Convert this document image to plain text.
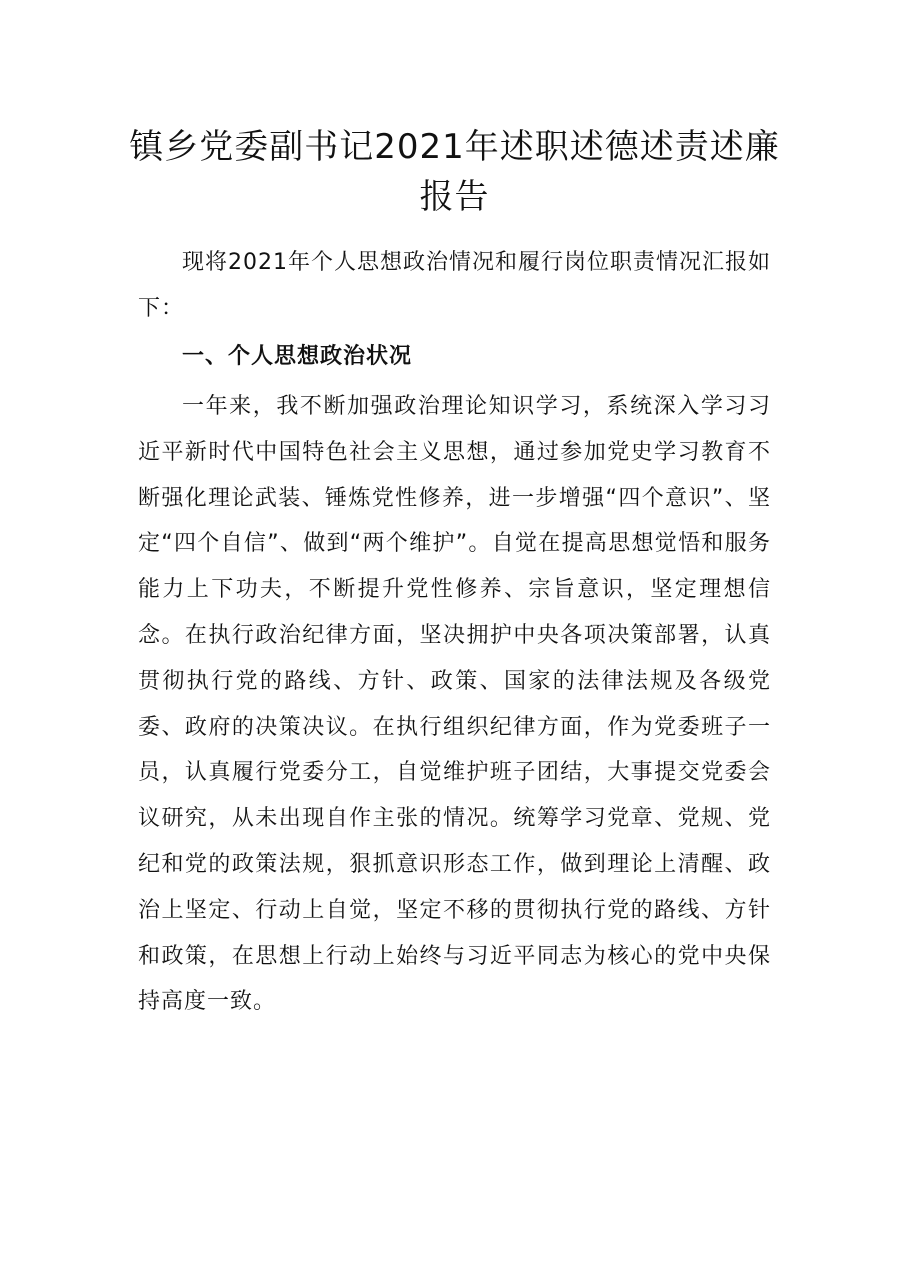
镇乡党委副书记2021年述职述德述责述廉报告

现将2021年个人思想政治情况和履行岗位职责情况汇报如下：

一、个人思想政治状况

一年来，我不断加强政治理论知识学习，系统深入学习习近平新时代中国特色社会主义思想，通过参加党史学习教育不断强化理论武装、锤炼党性修养，进一步增强“四个意识”、坚定“四个自信”、做到“两个维护”。自觉在提高思想觉悟和服务能力上下功夫，不断提升党性修养、宗旨意识，坚定理想信念。在执行政治纪律方面，坚决拥护中央各项决策部署，认真贯彻执行党的路线、方针、政策、国家的法律法规及各级党委、政府的决策决议。在执行组织纪律方面，作为党委班子一员，认真履行党委分工，自觉维护班子团结，大事提交党委会议研究，从未出现自作主张的情况。统筹学习党章、党规、党纪和党的政策法规，狠抓意识形态工作，做到理论上清醒、政治上坚定、行动上自觉，坚定不移的贯彻执行党的路线、方针和政策，在思想上行动上始终与习近平同志为核心的党中央保持高度一致。
